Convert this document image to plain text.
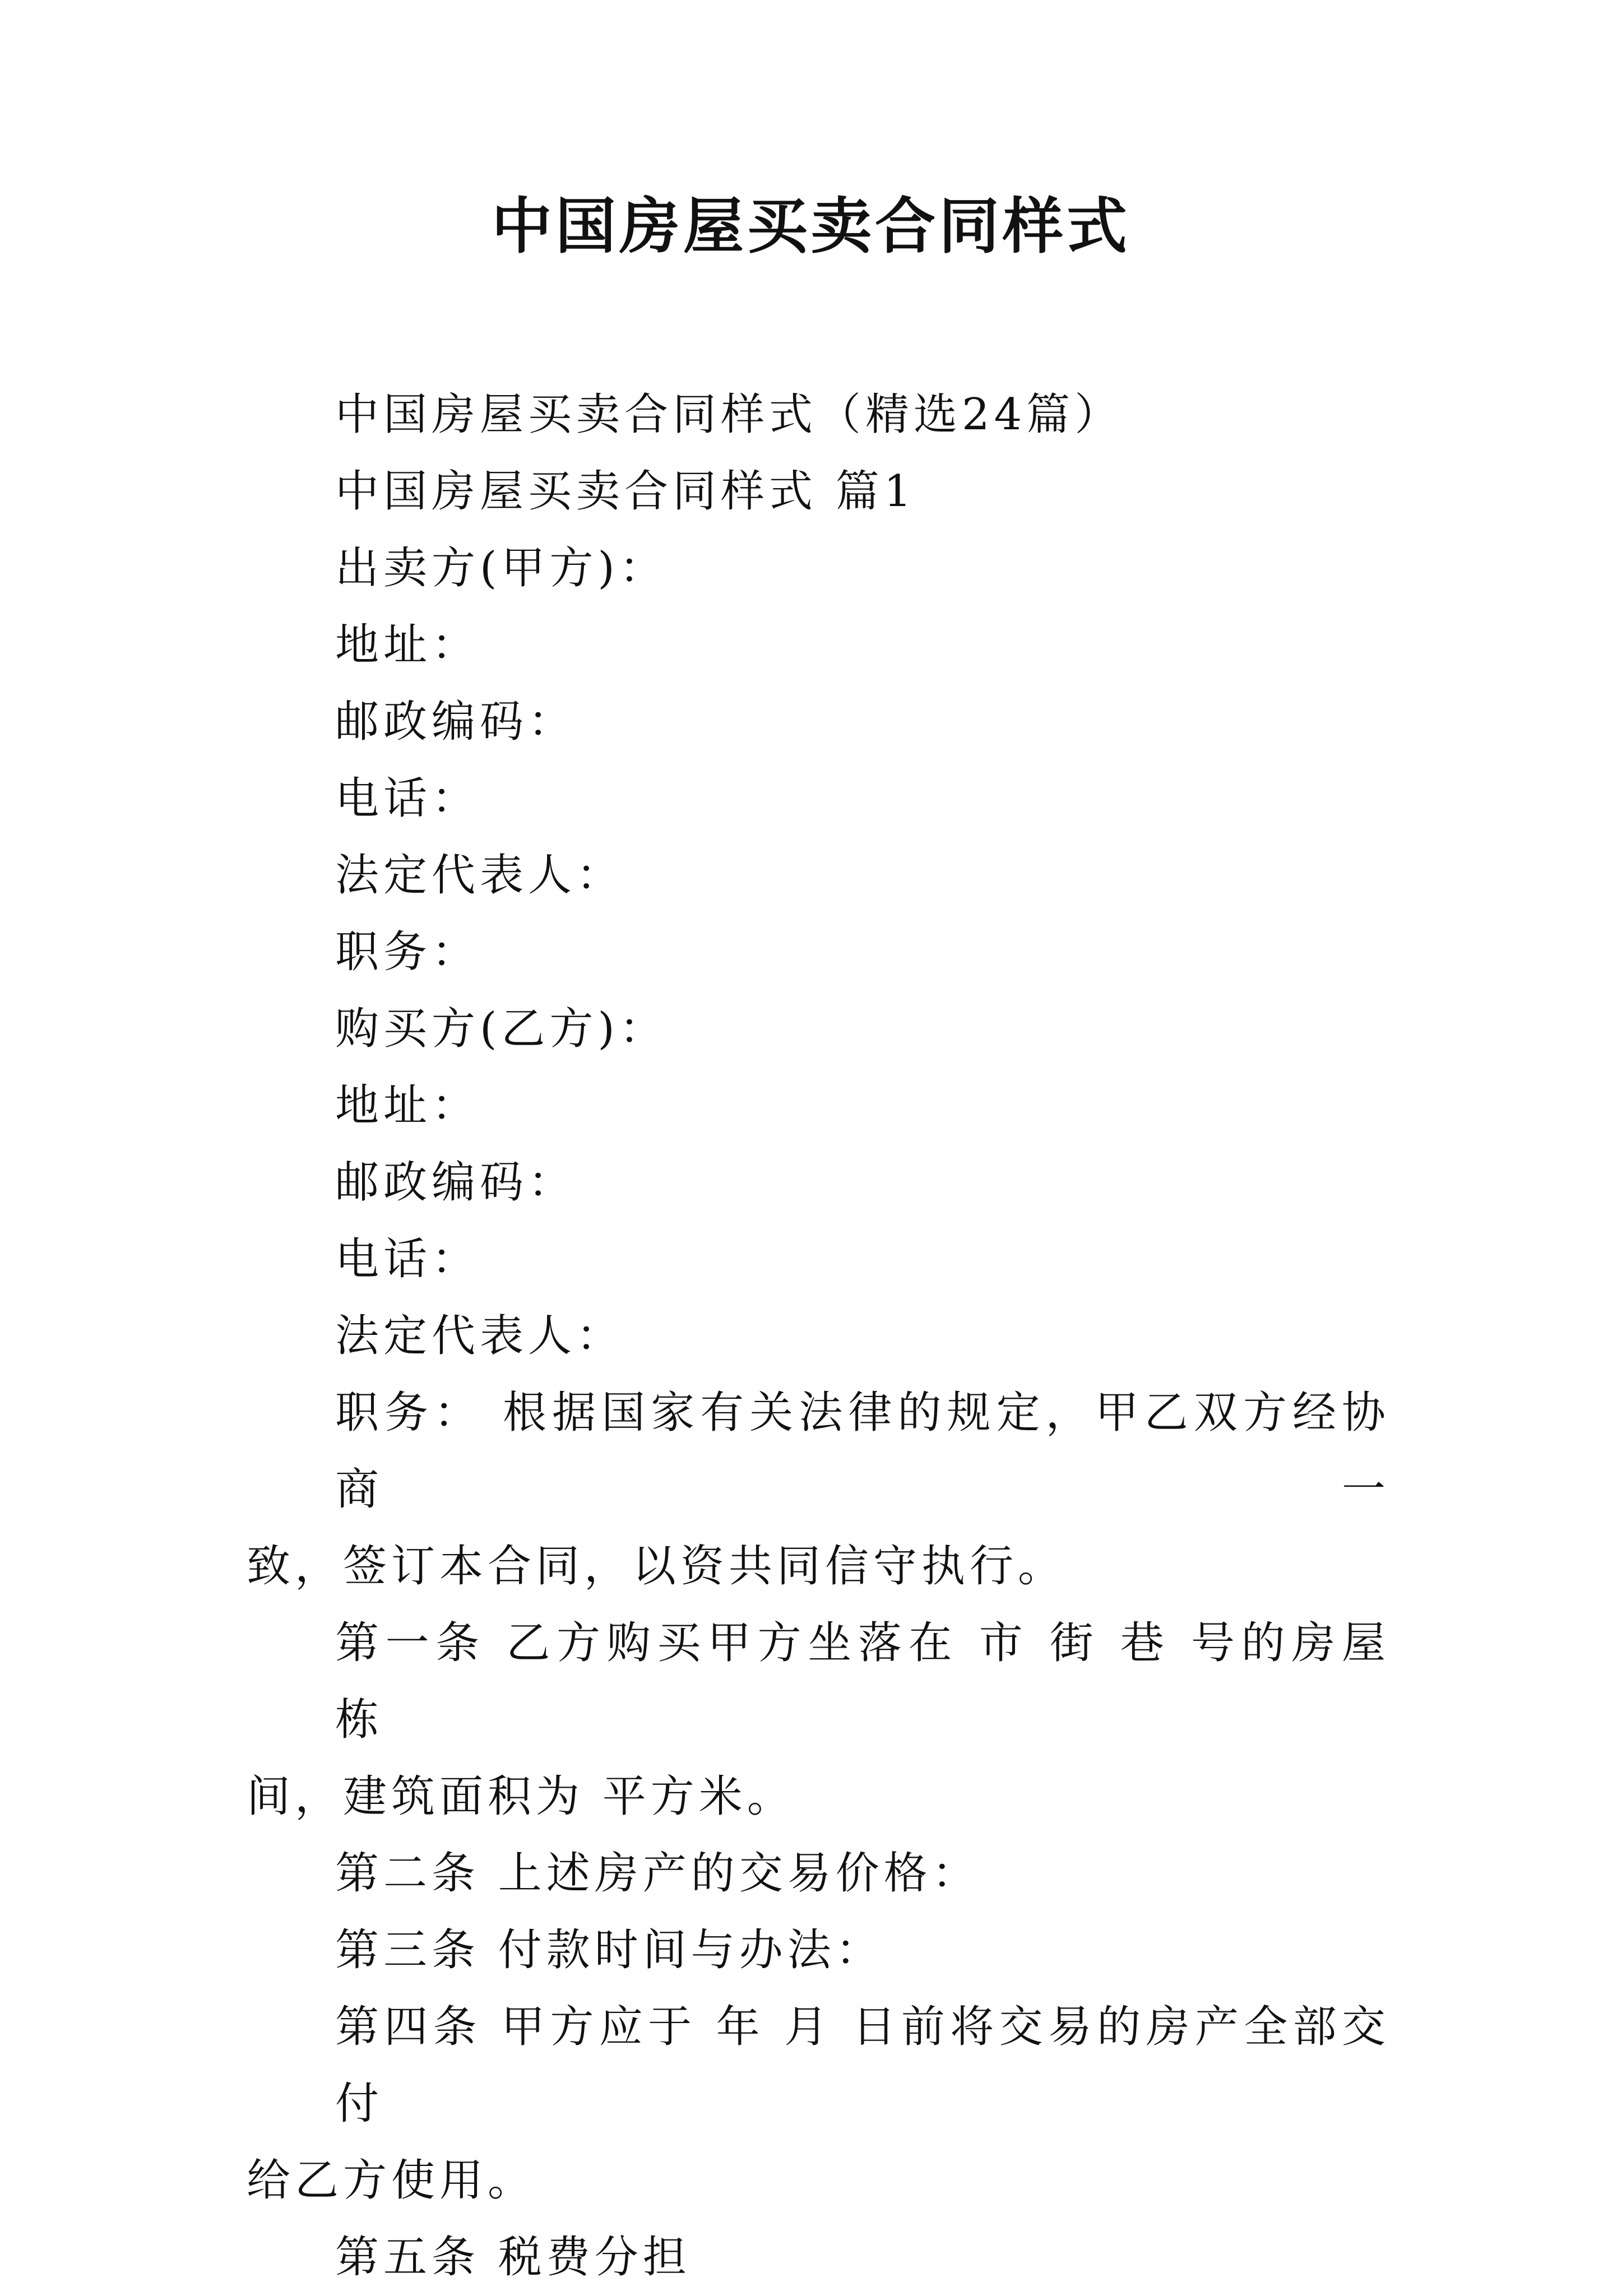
中国房屋买卖合同样式

中国房屋买卖合同样式（精选24篇）

中国房屋买卖合同样式 篇1

出卖方(甲方)：

地址：

邮政编码：

电话：

法定代表人：

职务：

购买方(乙方)：

地址：

邮政编码：

电话：

法定代表人：

职务： 根据国家有关法律的规定，甲乙双方经协商一
致，签订本合同，以资共同信守执行。

第一条 乙方购买甲方坐落在 市 街 巷 号的房屋 栋
间，建筑面积为 平方米。

第二条 上述房产的交易价格：

第三条 付款时间与办法：

第四条 甲方应于 年 月 日前将交易的房产全部交付
给乙方使用。

第五条 税费分担
